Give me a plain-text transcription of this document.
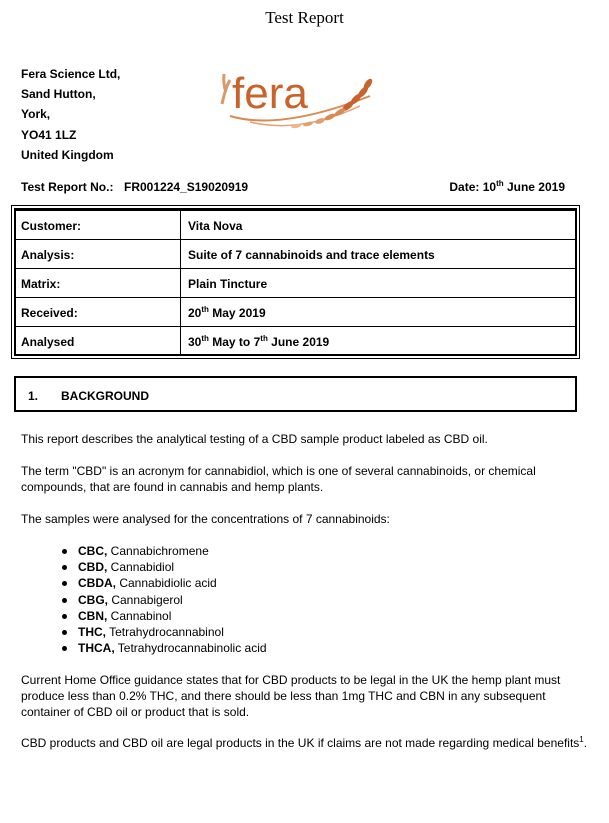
Test Report
Fera Science Ltd,
Sand Hutton,
York,
YO41 1LZ
United Kingdom
fera
Test Report No.: FR001224_S19020919	Date: 10th June 2019
Customer:	Vita Nova
Analysis:	Suite of 7 cannabinoids and trace elements
Matrix:	Plain Tincture
Received:	20th May 2019
Analysed	30th May to 7th June 2019
1. BACKGROUND
This report describes the analytical testing of a CBD sample product labeled as CBD oil.
The term "CBD" is an acronym for cannabidiol, which is one of several cannabinoids, or chemical compounds, that are found in cannabis and hemp plants.
The samples were analysed for the concentrations of 7 cannabinoids:
CBC, Cannabichromene
CBD, Cannabidiol
CBDA, Cannabidiolic acid
CBG, Cannabigerol
CBN, Cannabinol
THC, Tetrahydrocannabinol
THCA, Tetrahydrocannabinolic acid
Current Home Office guidance states that for CBD products to be legal in the UK the hemp plant must produce less than 0.2% THC, and there should be less than 1mg THC and CBN in any subsequent container of CBD oil or product that is sold.
CBD products and CBD oil are legal products in the UK if claims are not made regarding medical benefits$^1$.
